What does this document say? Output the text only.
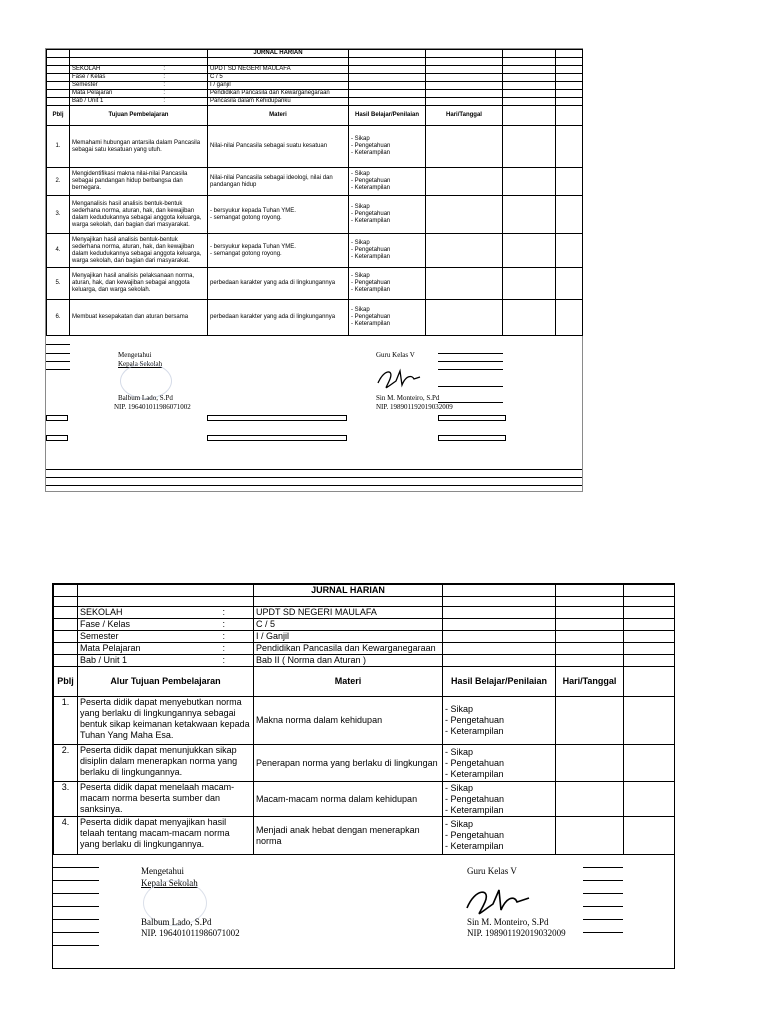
		JURNAL HARIAN				

	SEKOLAH :	UPDT SD NEGERI MAULAFA				
	Fase / Kelas :	C / 5				
	Semester :	I / ganjil				
	Mata Pelajaran :	Pendidikan Pancasila dan Kewarganegaraan				
	Bab / Unit 1 :	Pancasila dalam Kehidupanku				
Pblj	Tujuan Pembelajaran	Materi	Hasil Belajar/Penilaian	Hari/Tanggal		
1.	Memahami hubungan antarsila dalam Pancasila sebagai satu kesatuan yang utuh.	Nilai-nilai Pancasila sebagai suatu kesatuan	- Sikap
- Pengetahuan
- Keterampilan			
2.	Mengidentifikasi makna nilai-nilai Pancasila sebagai pandangan hidup berbangsa dan bernegara.	Nilai-nilai Pancasila sebagai ideologi, nilai dan pandangan hidup	- Sikap
- Pengetahuan
- Keterampilan			
3.	Menganalisis hasil analisis bentuk-bentuk sederhana norma, aturan, hak, dan kewajiban dalam kedudukannya sebagai anggota keluarga, warga sekolah, dan bagian dari masyarakat.	- bersyukur kepada Tuhan YME.
- semangat gotong royong.	- Sikap
- Pengetahuan
- Keterampilan			
4.	Menyajikan hasil analisis bentuk-bentuk sederhana norma, aturan, hak, dan kewajiban dalam kedudukannya sebagai anggota keluarga, warga sekolah, dan bagian dari masyarakat.	- bersyukur kepada Tuhan YME.
- semangat gotong royong.	- Sikap
- Pengetahuan
- Keterampilan			
5.	Menyajikan hasil analisis pelaksanaan norma, aturan, hak, dan kewajiban sebagai anggota keluarga, dan warga sekolah.	perbedaan karakter yang ada di lingkungannya	- Sikap
- Pengetahuan
- Keterampilan			
6.	Membuat kesepakatan dan aturan bersama	perbedaan karakter yang ada di lingkungannya	- Sikap
- Pengetahuan
- Keterampilan			
Mengetahui
Kepala Sekolah
Balbum Lado, S.Pd
NIP. 196401011986071002
Guru Kelas V
Sin M. Monteiro, S.Pd
NIP. 198901192019032009
		JURNAL HARIAN			

	SEKOLAH :	UPDT SD NEGERI MAULAFA			
	Fase / Kelas :	C / 5			
	Semester :	I / Ganjil			
	Mata Pelajaran :	Pendidikan Pancasila dan Kewarganegaraan			
	Bab / Unit 1 :	Bab II ( Norma dan Aturan )			
Pblj	Alur Tujuan Pembelajaran	Materi	Hasil Belajar/Penilaian	Hari/Tanggal	
1.	Peserta didik dapat menyebutkan norma yang berlaku di lingkungannya sebagai bentuk sikap keimanan ketakwaan kepada Tuhan Yang Maha Esa.	Makna norma dalam kehidupan	- Sikap
- Pengetahuan
- Keterampilan		
2.	Peserta didik dapat menunjukkan sikap disiplin dalam menerapkan norma yang berlaku di lingkungannya.	Penerapan norma yang berlaku di lingkungan	- Sikap
- Pengetahuan
- Keterampilan		
3.	Peserta didik dapat menelaah macam-macam norma beserta sumber dan sanksinya.	Macam-macam norma dalam kehidupan	- Sikap
- Pengetahuan
- Keterampilan		
4.	Peserta didik dapat menyajikan hasil telaah tentang macam-macam norma yang berlaku di lingkungannya.	Menjadi anak hebat dengan menerapkan norma	- Sikap
- Pengetahuan
- Keterampilan		
Mengetahui
Kepala Sekolah
Balbum Lado, S.Pd
NIP. 196401011986071002
Guru Kelas V
Sin M. Monteiro, S.Pd
NIP. 198901192019032009
